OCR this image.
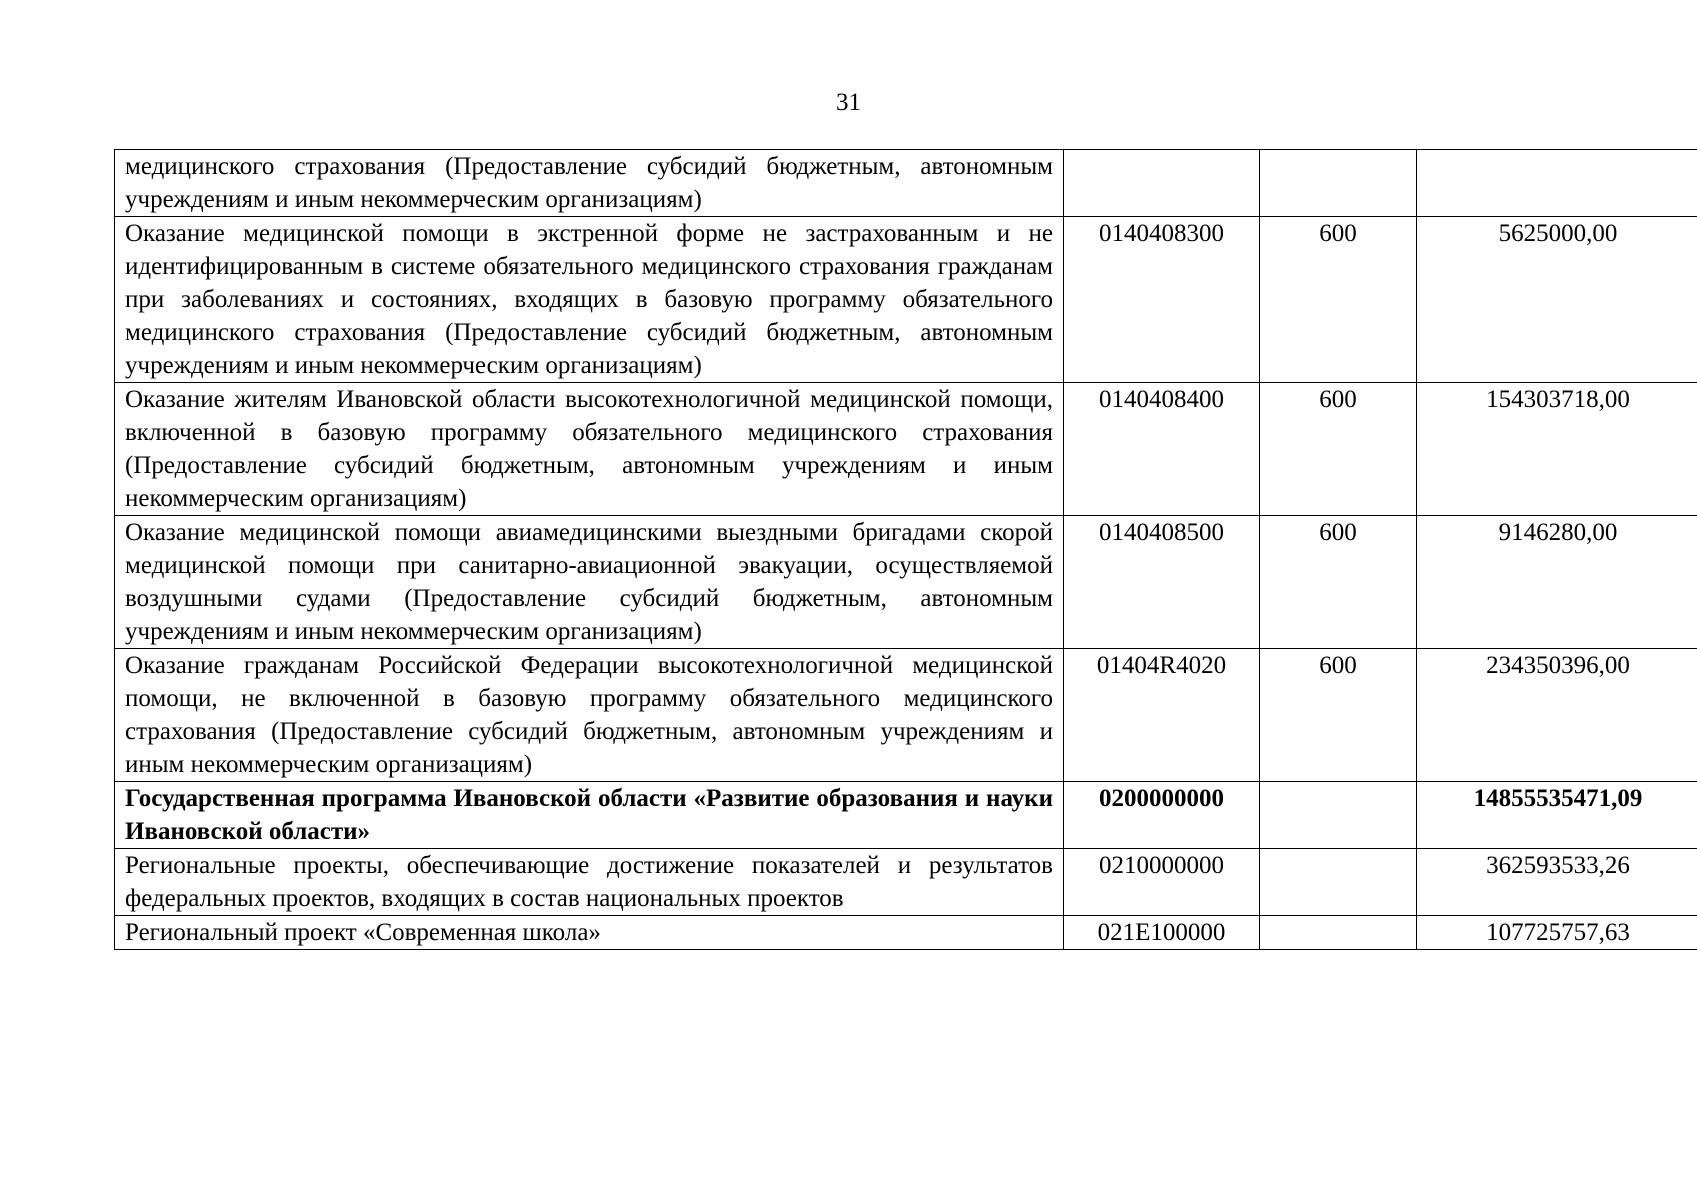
31
медицинского страхования (Предоставление субсидий бюджетным, автономным учреждениям и иным некоммерческим организациям)			
Оказание медицинской помощи в экстренной форме не застрахованным и не идентифицированным в системе обязательного медицинского страхования гражданам при заболеваниях и состояниях, входящих в базовую программу обязательного медицинского страхования (Предоставление субсидий бюджетным, автономным учреждениям и иным некоммерческим организациям)	0140408300	600	5625000,00
Оказание жителям Ивановской области высокотехнологичной медицинской помощи, включенной в базовую программу обязательного медицинского страхования (Предоставление субсидий бюджетным, автономным учреждениям и иным некоммерческим организациям)	0140408400	600	154303718,00
Оказание медицинской помощи авиамедицинскими выездными бригадами скорой медицинской помощи при санитарно-авиационной эвакуации, осуществляемой воздушными судами (Предоставление субсидий бюджетным, автономным учреждениям и иным некоммерческим организациям)	0140408500	600	9146280,00
Оказание гражданам Российской Федерации высокотехнологичной медицинской помощи, не включенной в базовую программу обязательного медицинского страхования (Предоставление субсидий бюджетным, автономным учреждениям и иным некоммерческим организациям)	01404R4020	600	234350396,00
Государственная программа Ивановской области «Развитие образования и науки Ивановской области»	0200000000		14855535471,09
Региональные проекты, обеспечивающие достижение показателей и результатов федеральных проектов, входящих в состав национальных проектов	0210000000		362593533,26
Региональный проект «Современная школа»	021E100000		107725757,63
